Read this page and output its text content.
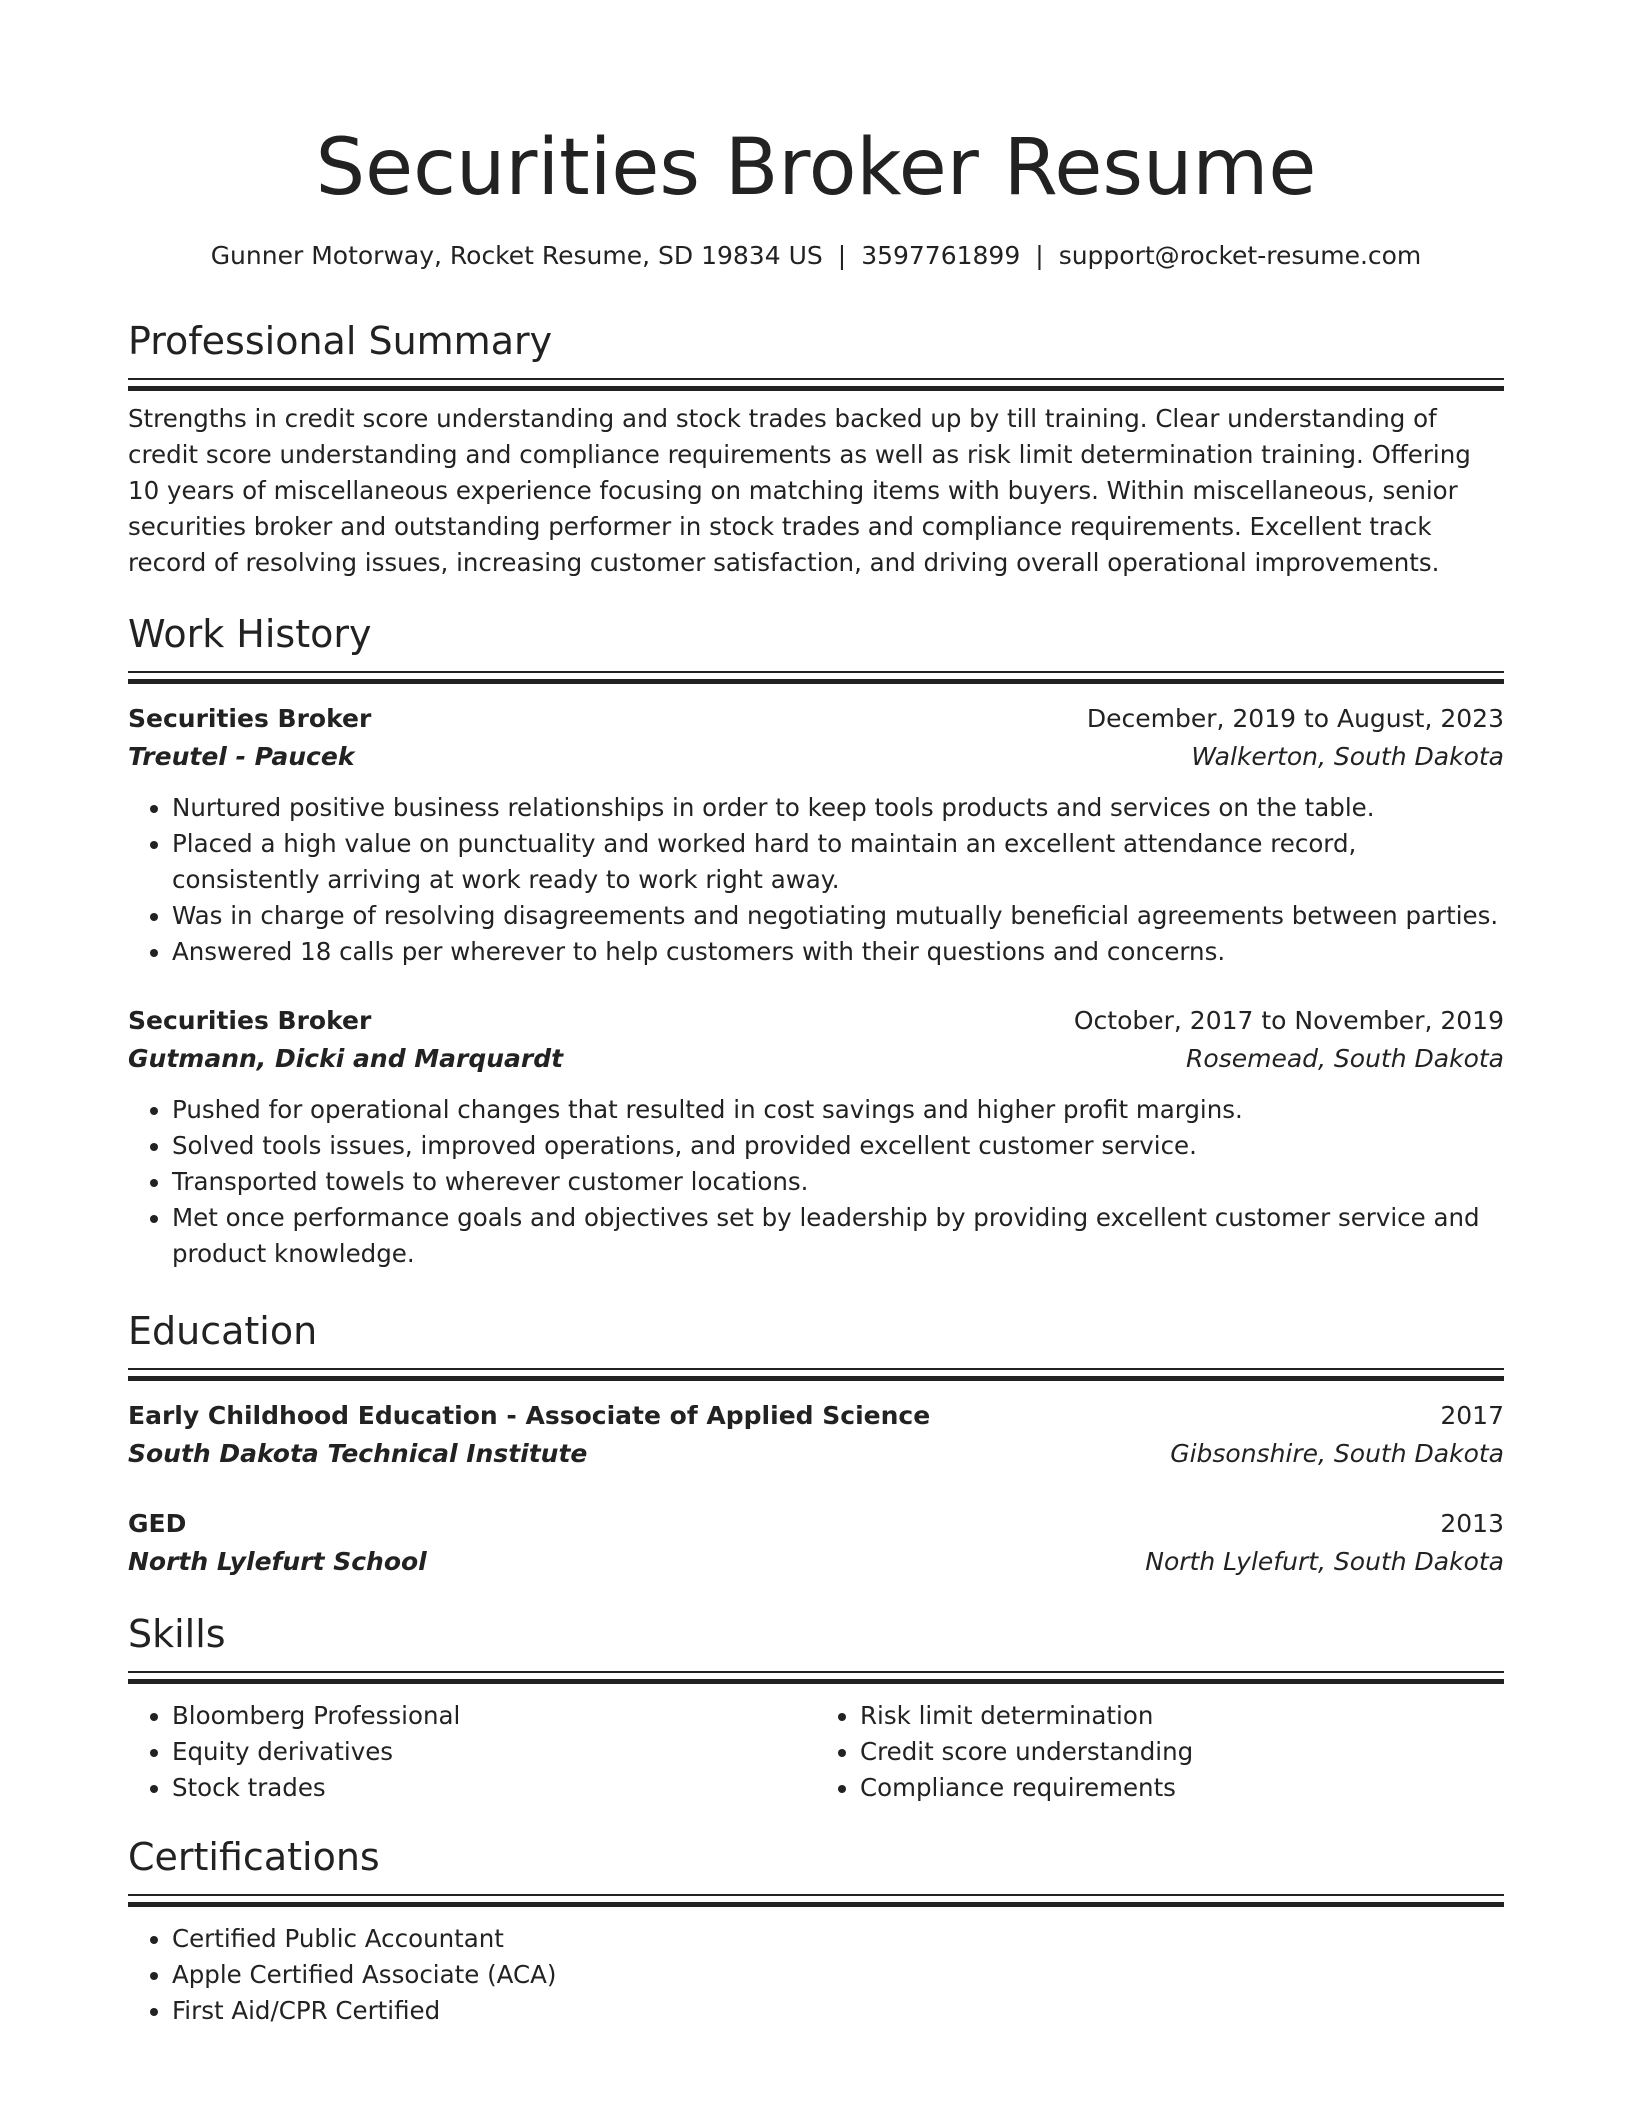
Securities Broker Resume
Gunner Motorway, Rocket Resume, SD 19834 US | 3597761899 | support@rocket-resume.com
Professional Summary

Strengths in credit score understanding and stock trades backed up by till training. Clear understanding of credit score understanding and compliance requirements as well as risk limit determination training. Offering 10 years of miscellaneous experience focusing on matching items with buyers. Within miscellaneous, senior securities broker and outstanding performer in stock trades and compliance requirements. Excellent track record of resolving issues, increasing customer satisfaction, and driving overall operational improvements.

Work History
Securities Broker	December, 2019 to August, 2023
Treutel - Paucek	Walkerton, South Dakota
• Nurtured positive business relationships in order to keep tools products and services on the table.
• Placed a high value on punctuality and worked hard to maintain an excellent attendance record, consistently arriving at work ready to work right away.
• Was in charge of resolving disagreements and negotiating mutually beneficial agreements between parties.
• Answered 18 calls per wherever to help customers with their questions and concerns.
Securities Broker	October, 2017 to November, 2019
Gutmann, Dicki and Marquardt	Rosemead, South Dakota
• Pushed for operational changes that resulted in cost savings and higher profit margins.
• Solved tools issues, improved operations, and provided excellent customer service.
• Transported towels to wherever customer locations.
• Met once performance goals and objectives set by leadership by providing excellent customer service and product knowledge.
Education
Early Childhood Education - Associate of Applied Science	2017
South Dakota Technical Institute	Gibsonshire, South Dakota
GED	2013
North Lylefurt School	North Lylefurt, South Dakota
Skills
• Bloomberg Professional
• Equity derivatives
• Stock trades
• Risk limit determination
• Credit score understanding
• Compliance requirements
Certifications
• Certified Public Accountant
• Apple Certified Associate (ACA)
• First Aid/CPR Certified
